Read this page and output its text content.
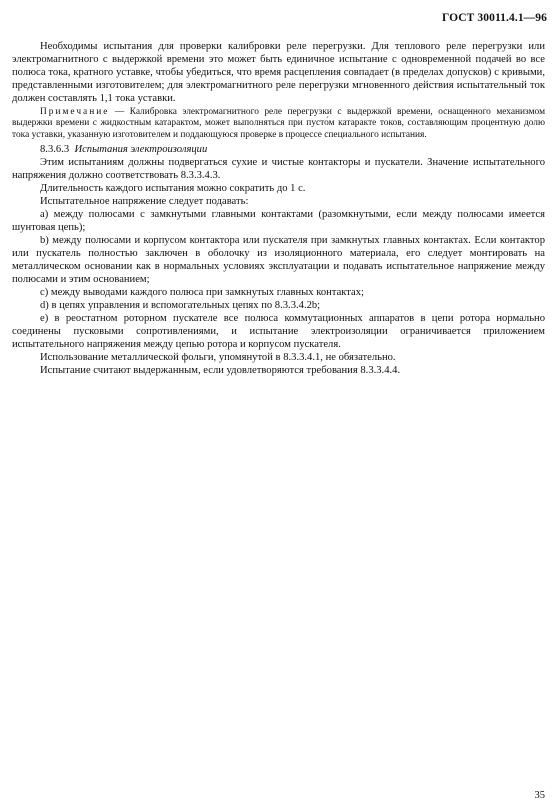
ГОСТ 30011.4.1—96

Необходимы испытания для проверки калибровки реле перегрузки. Для теплового реле перегрузки или электромагнитного с выдержкой времени это может быть единичное испытание с одновременной подачей во все полюса тока, кратного уставке, чтобы убедиться, что время расцепления совпадает (в пределах допусков) с кривыми, представленными изготовителем; для электромагнитного реле перегрузки мгновенного действия испытательный ток должен составлять 1,1 тока уставки.

Примечание — Калибровка электромагнитного реле перегрузки с выдержкой времени, оснащенного механизмом выдержки времени с жидкостным катарактом, может выполняться при пусто́м катаракте токов, составляющим процентную долю тока уставки, указанную изготовителем и поддающуюся проверке в процессе специального испытания.

8.3.6.3 Испытания электроизоляции

Этим испытаниям должны подвергаться сухие и чистые контакторы и пускатели. Значение испытательного напряжения должно соответствовать 8.3.3.4.3.

Длительность каждого испытания можно сократить до 1 с.

Испытательное напряжение следует подавать:

a) между полюсами с замкнутыми главными контактами (разомкнутыми, если между полюсами имеется шунтовая цепь);

b) между полюсами и корпусом контактора или пускателя при замкнутых главных контактах. Если контактор или пускатель полностью заключен в оболочку из изоляционного материала, его следует монтировать на металлическом основании как в нормальных условиях эксплуатации и подавать испытательное напряжение между полюсами и этим основанием;

c) между выводами каждого полюса при замкнутых главных контактах;

d) в цепях управления и вспомогательных цепях по 8.3.3.4.2b;

e) в реостатном роторном пускателе все полюса коммутационных аппаратов в цепи ротора нормально соединены пусковыми сопротивлениями, и испытание электроизоляции ограничивается приложением испытательного напряжения между цепью ротора и корпусом пускателя.

Использование металлической фольги, упомянутой в 8.3.3.4.1, не обязательно.

Испытание считают выдержанным, если удовлетворяются требования 8.3.3.4.4.

35
